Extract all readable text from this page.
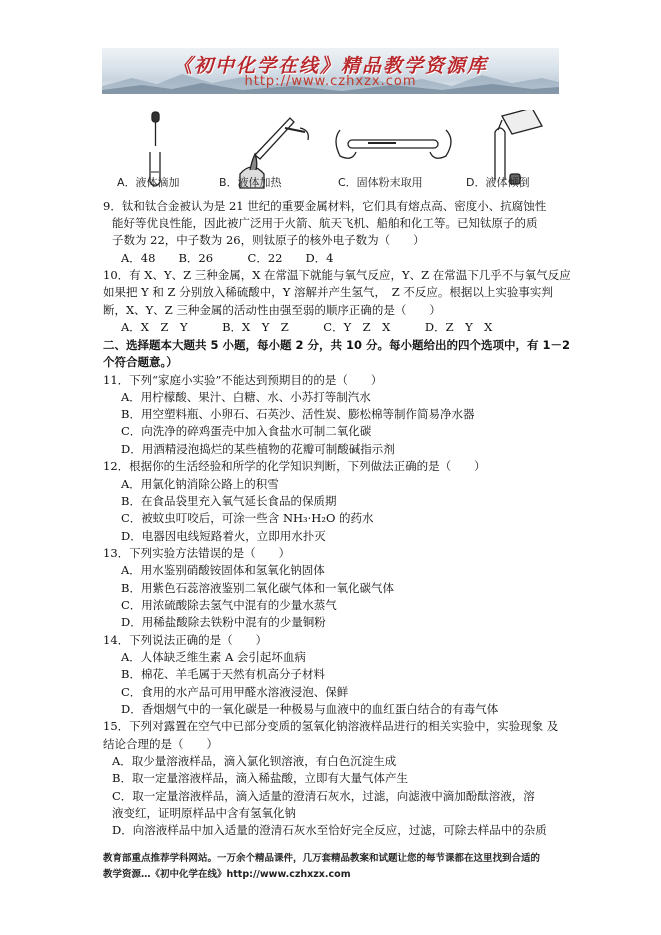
《初中化学在线》精品教学资源库
http://www.czhxzx.com
A．液体滴加	B．液体加热	C．固体粉末取用	D．液体倾倒
9．钛和钛合金被认为是 21 世纪的重要金属材料，它们具有熔点高、密度小、抗腐蚀性
能好等优良性能，因此被广泛用于火箭、航天飞机、船舶和化工等。已知钛原子的质
子数为 22，中子数为 26，则钛原子的核外电子数为（　　）
A．48　　B．26　　　C．22　　D．4
10．有 X、Y、Z 三种金属，X 在常温下就能与氧气反应，Y、Z 在常温下几乎不与氧气反应
如果把 Y 和 Z 分别放入稀硫酸中，Y 溶解并产生氢气，　Z 不反应。根据以上实验事实判
断，X、Y、Z 三种金属的活动性由强至弱的顺序正确的是（　　）
A．X　Z　Y　　　B．X　Y　Z　　　C．Y　Z　X　　　D．Z　Y　X
二、选择题本大题共 5 小题，每小题 2 分，共 10 分。每小题给出的四个选项中，有 1－2
个符合题意。）
11．下列“家庭小实验”不能达到预期目的的是（　　）
A．用柠檬酸、果汁、白糖、水、小苏打等制汽水
B．用空塑料瓶、小卵石、石英沙、活性炭、膨松棉等制作简易净水器
C．向洗净的碎鸡蛋壳中加入食盐水可制二氧化碳
D．用酒精浸泡捣烂的某些植物的花瓣可制酸碱指示剂
12．根据你的生活经验和所学的化学知识判断，下列做法正确的是（　　）
A．用氯化钠消除公路上的积雪
B．在食品袋里充入氧气延长食品的保质期
C．被蚊虫叮咬后，可涂一些含 NH₃·H₂O 的药水
D．电器因电线短路着火，立即用水扑灭
13．下列实验方法错误的是（　　）
A．用水鉴别硝酸铵固体和氢氧化钠固体
B．用紫色石蕊溶液鉴别二氧化碳气体和一氧化碳气体
C．用浓硫酸除去氢气中混有的少量水蒸气
D．用稀盐酸除去铁粉中混有的少量铜粉
14．下列说法正确的是（　　）
A．人体缺乏维生素 A 会引起坏血病
B．棉花、羊毛属于天然有机高分子材料
C．食用的水产品可用甲醛水溶液浸泡、保鲜
D．香烟烟气中的一氧化碳是一种极易与血液中的血红蛋白结合的有毒气体
15．下列对露置在空气中已部分变质的氢氧化钠溶液样品进行的相关实验中，实验现象 及
结论合理的是（　　）
A．取少量溶液样品，滴入氯化钡溶液，有白色沉淀生成
B．取一定量溶液样品，滴入稀盐酸，立即有大量气体产生
C．取一定量溶液样品，滴入适量的澄清石灰水，过滤，向滤液中滴加酚酞溶液，溶
液变红，证明原样品中含有氢氧化钠
D．向溶液样品中加入适量的澄清石灰水至恰好完全反应，过滤，可除去样品中的杂质
教育部重点推荐学科网站。一万余个精品课件，几万套精品教案和试题让您的每节课都在这里找到合适的
教学资源…《初中化学在线》http://www.czhxzx.com
